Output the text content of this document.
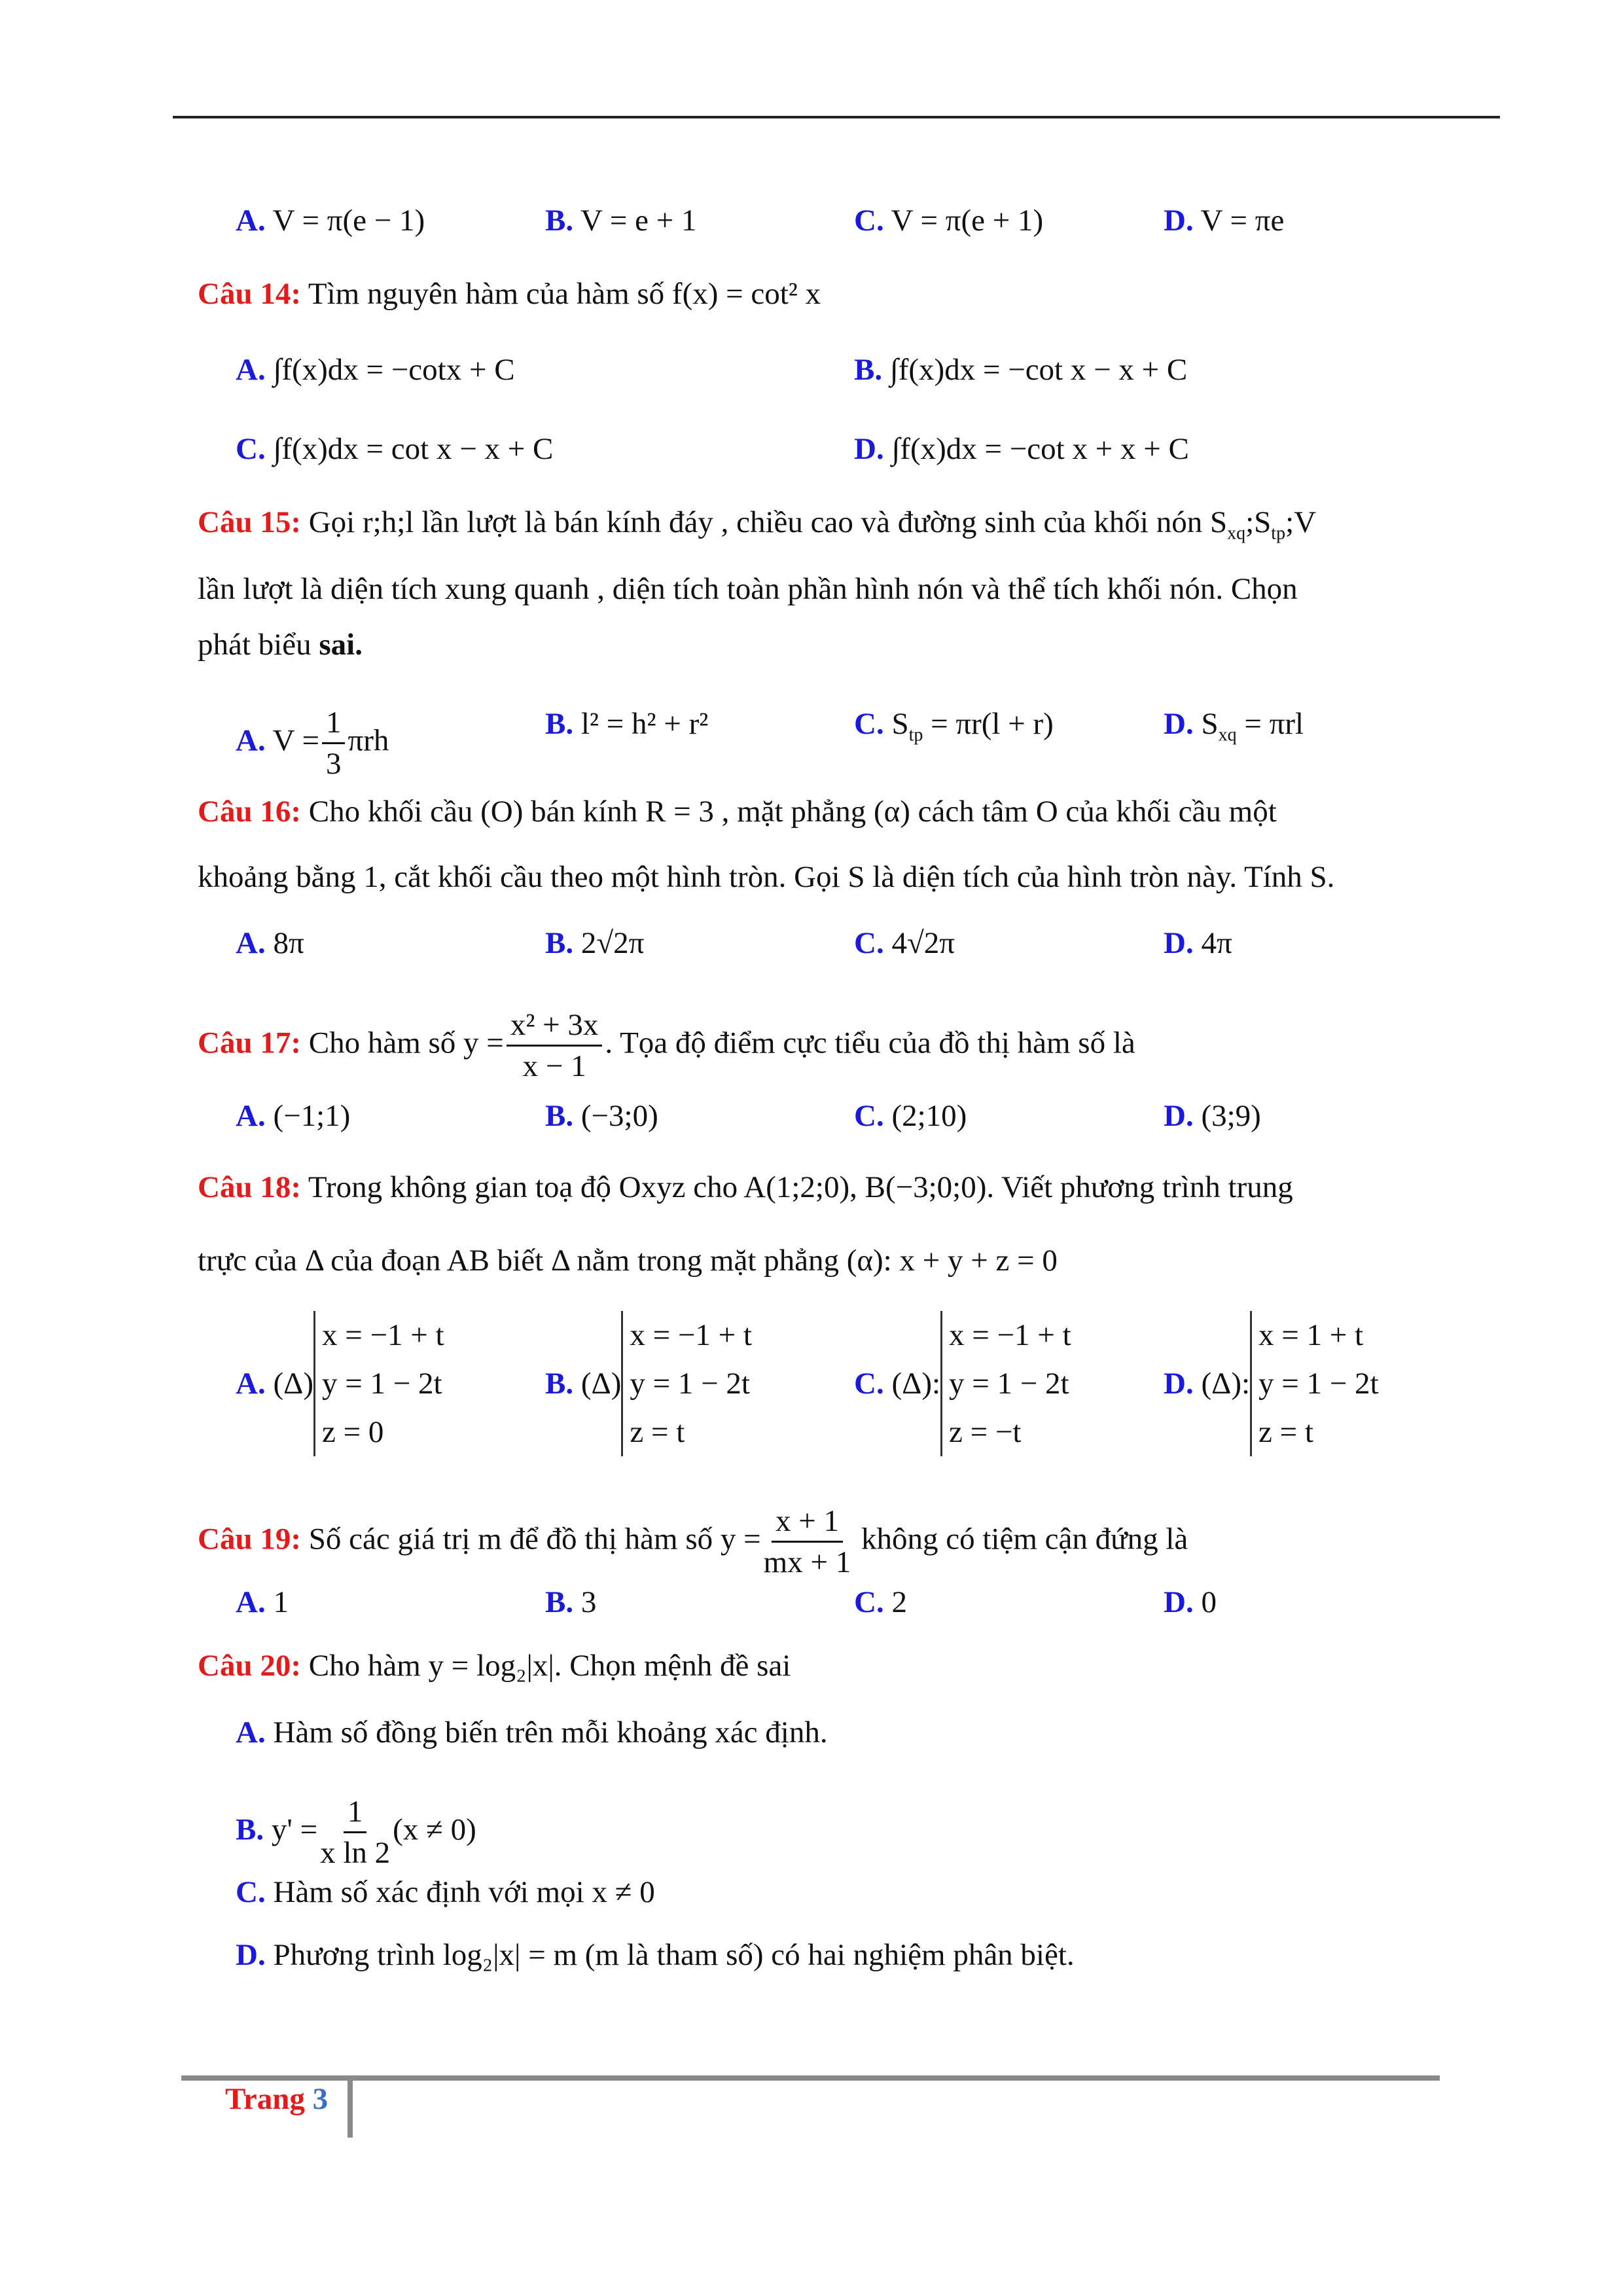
A. V = π(e − 1)	B. V = e + 1	C. V = π(e + 1)	D. V = πe
Câu 14: Tìm nguyên hàm của hàm số f(x) = cot² x
A. ∫f(x)dx = −cotx + C	B. ∫f(x)dx = −cot x − x + C
C. ∫f(x)dx = cot x − x + C	D. ∫f(x)dx = −cot x + x + C
Câu 15: Gọi r;h;l lần lượt là bán kính đáy , chiều cao và đường sinh của khối nón $S_{xq};S_{tp};V$
lần lượt là diện tích xung quanh , diện tích toàn phần hình nón và thể tích khối nón. Chọn
phát biểu sai.
A. $V = \frac{1}{3}$ πrh	B. l² = h² + r²	C. $S_{tp} = \pi r(l + r)$	D. $S_{xq} = \pi rl$
Câu 16: Cho khối cầu (O) bán kính R = 3 , mặt phẳng (α) cách tâm O của khối cầu một
khoảng bằng 1, cắt khối cầu theo một hình tròn. Gọi S là diện tích của hình tròn này. Tính S.
A. 8π	B. 2√2π	C. 4√2π	D. 4π
Câu 17: Cho hàm số $y = \frac{\text{x² + 3x}}{x - 1}$ . Tọa độ điểm cực tiểu của đồ thị hàm số là
A. (−1;1)	B. (−3;0)	C. (2;10)	D. (3;9)
Câu 18: Trong không gian toạ độ Oxyz cho A(1;2;0), B(−3;0;0). Viết phương trình trung
trực của Δ của đoạn AB biết Δ nằm trong mặt phẳng (α): x + y + z = 0
A.
(Δ)
x = −1 + t
y = 1 − 2t
z = 0
B.
(Δ)
x = −1 + t
y = 1 − 2t
z = t
C.
(Δ):
x = −1 + t
y = 1 − 2t
z = −t
D.
(Δ):
x = 1 + t
y = 1 − 2t
z = t
Câu 19: Số các giá trị m để đồ thị hàm số $y = \frac{x + 1}{mx + 1}$ không có tiệm cận đứng là
A. 1	B. 3	C. 2	D. 0
Câu 20: Cho hàm y = log₂|x|. Chọn mệnh đề sai
A. Hàm số đồng biến trên mỗi khoảng xác định.
B. $y' = \frac{1}{\text{x ln 2}} (x \ne 0)$
C. Hàm số xác định với mọi x ≠ 0
D. Phương trình log₂|x| = m (m là tham số) có hai nghiệm phân biệt.
Trang 3
